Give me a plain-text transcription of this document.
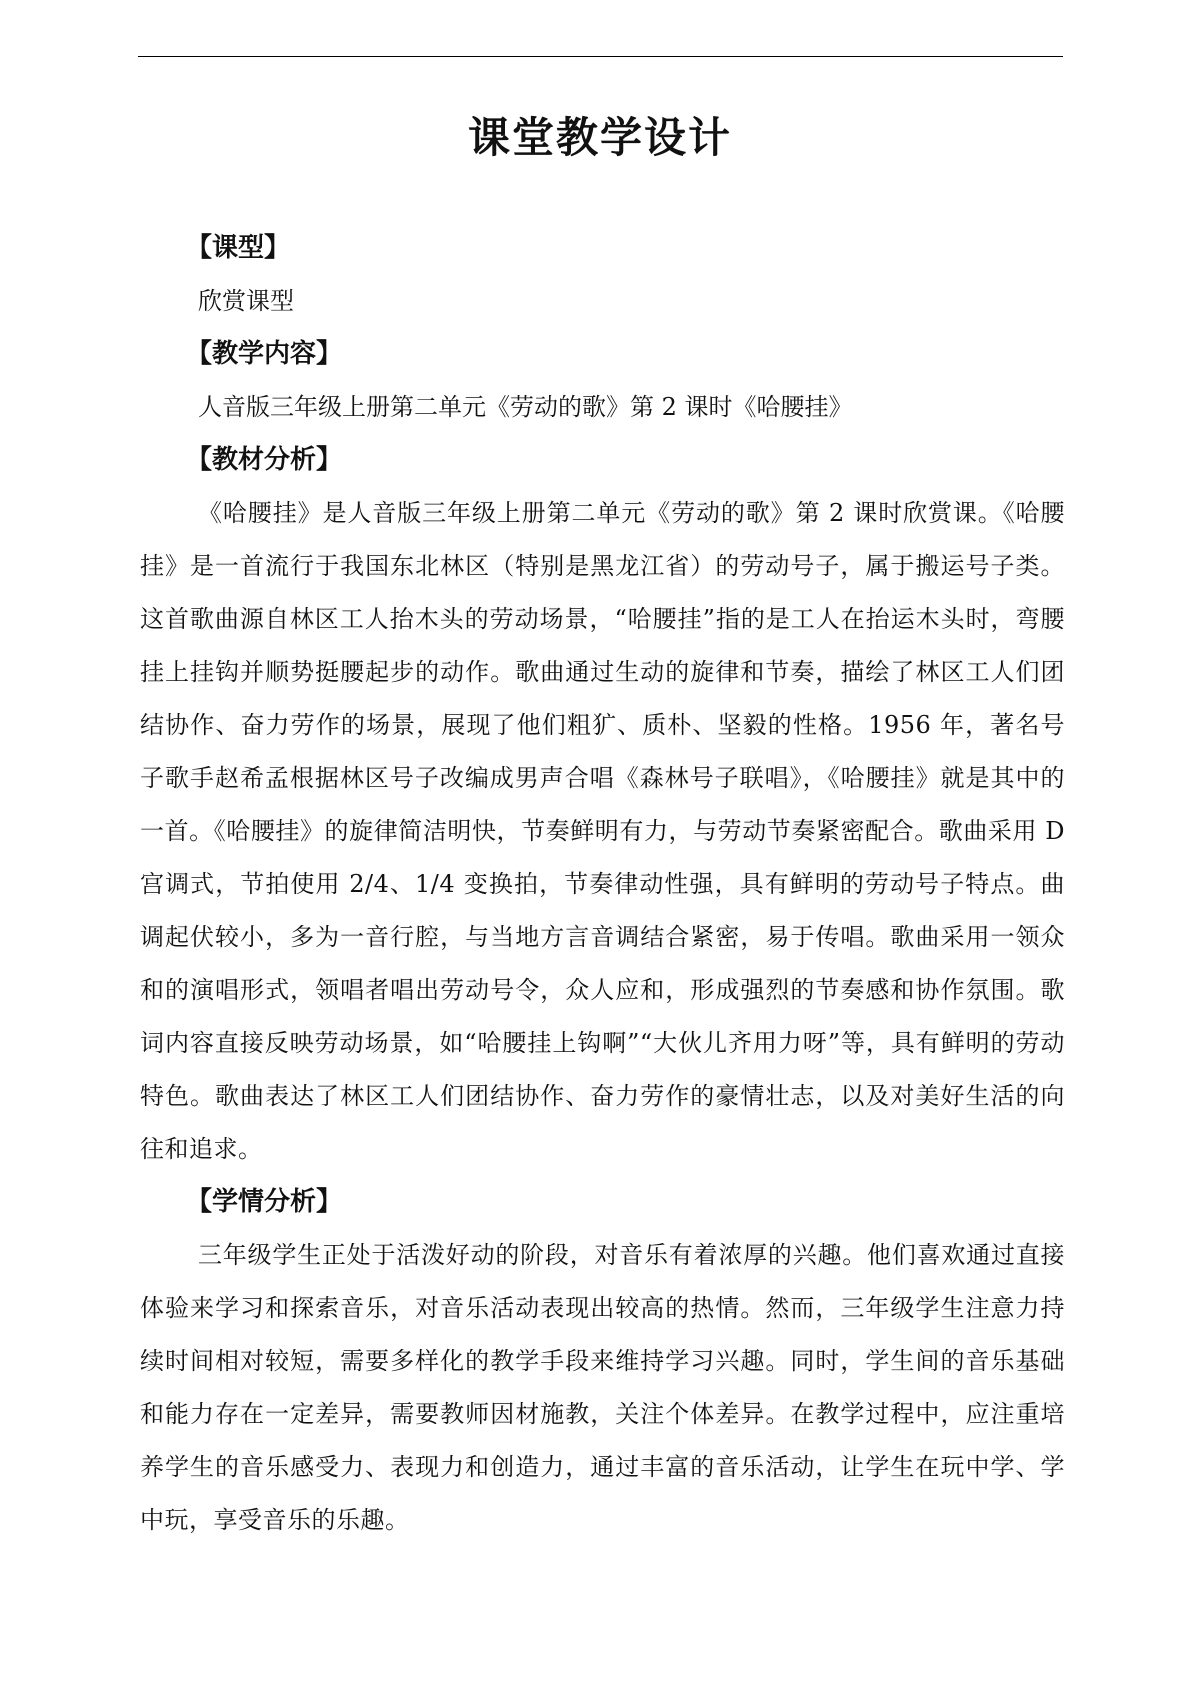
课堂教学设计
【课型】
欣赏课型
【教学内容】
人音版三年级上册第二单元《劳动的歌》第 2 课时《哈腰挂》
【教材分析】
《哈腰挂》是人音版三年级上册第二单元《劳动的歌》第 2 课时欣赏课。《哈腰挂》是一首流行于我国东北林区（特别是黑龙江省）的劳动号子，属于搬运号子类。这首歌曲源自林区工人抬木头的劳动场景，“哈腰挂”指的是工人在抬运木头时，弯腰挂上挂钩并顺势挺腰起步的动作。歌曲通过生动的旋律和节奏，描绘了林区工人们团结协作、奋力劳作的场景，展现了他们粗犷、质朴、坚毅的性格。1956 年，著名号子歌手赵希孟根据林区号子改编成男声合唱《森林号子联唱》，《哈腰挂》就是其中的一首。《哈腰挂》的旋律简洁明快，节奏鲜明有力，与劳动节奏紧密配合。歌曲采用 D 宫调式，节拍使用 2/4、1/4 变换拍，节奏律动性强，具有鲜明的劳动号子特点。曲调起伏较小，多为一音行腔，与当地方言音调结合紧密，易于传唱。歌曲采用一领众和的演唱形式，领唱者唱出劳动号令，众人应和，形成强烈的节奏感和协作氛围。歌词内容直接反映劳动场景，如“哈腰挂上钩啊”“大伙儿齐用力呀”等，具有鲜明的劳动特色。歌曲表达了林区工人们团结协作、奋力劳作的豪情壮志，以及对美好生活的向往和追求。
【学情分析】
三年级学生正处于活泼好动的阶段，对音乐有着浓厚的兴趣。他们喜欢通过直接体验来学习和探索音乐，对音乐活动表现出较高的热情。然而，三年级学生注意力持续时间相对较短，需要多样化的教学手段来维持学习兴趣。同时，学生间的音乐基础和能力存在一定差异，需要教师因材施教，关注个体差异。在教学过程中，应注重培养学生的音乐感受力、表现力和创造力，通过丰富的音乐活动，让学生在玩中学、学中玩，享受音乐的乐趣。
